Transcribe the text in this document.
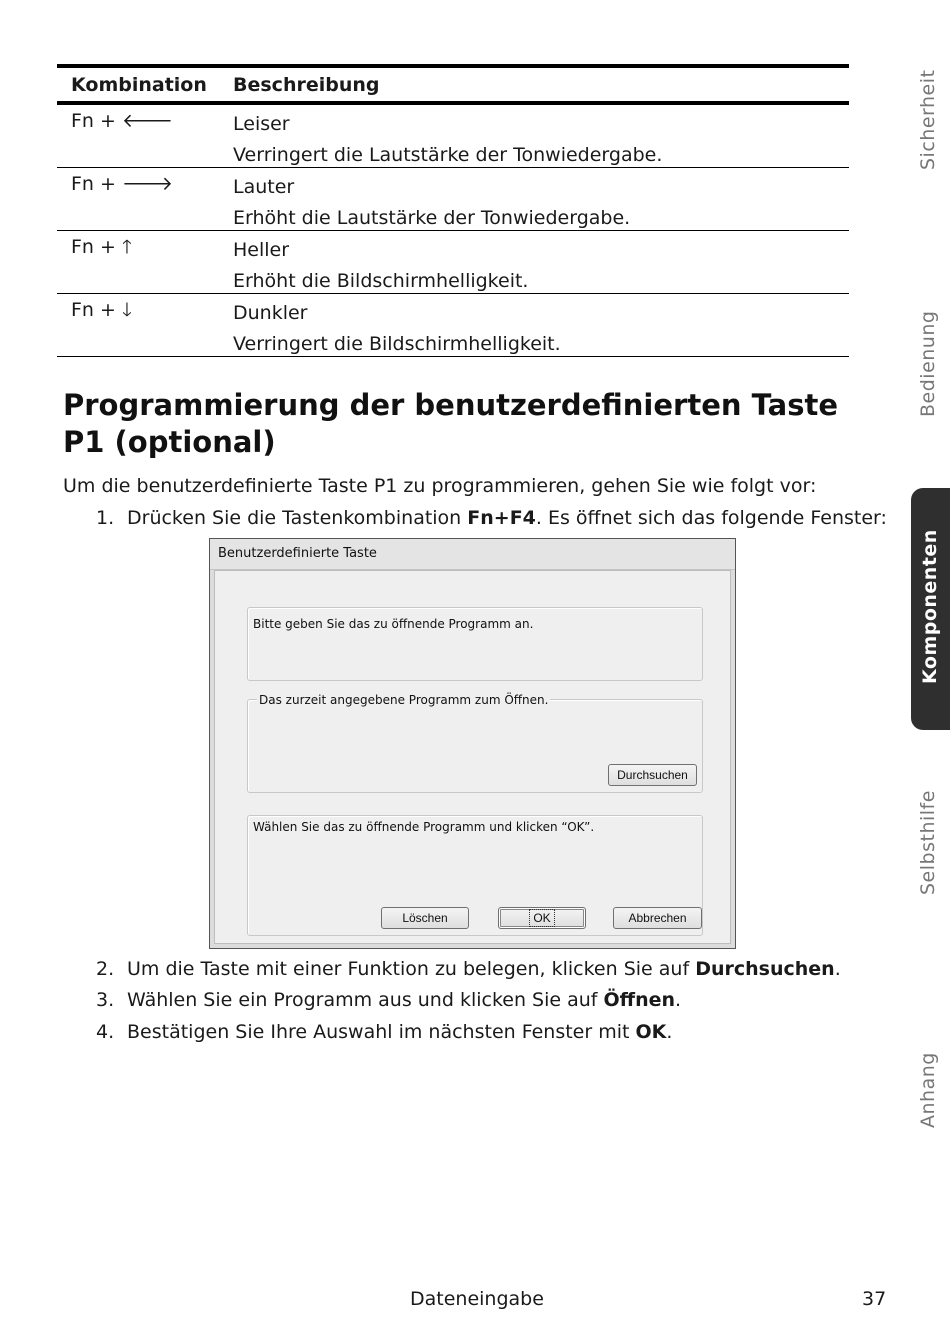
Kombination	Beschreibung
Fn + 🡐	Leiser
Verringert die Lautstärke der Tonwiedergabe.
Fn + 🡒	Lauter
Erhöht die Lautstärke der Tonwiedergabe.
Fn + 🡑	Heller
Erhöht die Bildschirmhelligkeit.
Fn + 🡓	Dunkler
Verringert die Bildschirmhelligkeit.
Programmierung der benutzerdefinierten Taste P1 (optional)
Um die benutzerdefinierte Taste P1 zu programmieren, gehen Sie wie folgt vor:
1. Drücken Sie die Tastenkombination Fn+F4. Es öffnet sich das folgende Fenster:
Benutzerdefinierte Taste
Bitte geben Sie das zu öffnende Programm an.
Das zurzeit angegebene Programm zum Öffnen.
Durchsuchen
Wählen Sie das zu öffnende Programm und klicken “OK”.
Löschen	OK	Abbrechen
2. Um die Taste mit einer Funktion zu belegen, klicken Sie auf Durchsuchen.
3. Wählen Sie ein Programm aus und klicken Sie auf Öffnen.
4. Bestätigen Sie Ihre Auswahl im nächsten Fenster mit OK.
Sicherheit
Bedienung
Komponenten
Selbsthilfe
Anhang
Dateneingabe	37
